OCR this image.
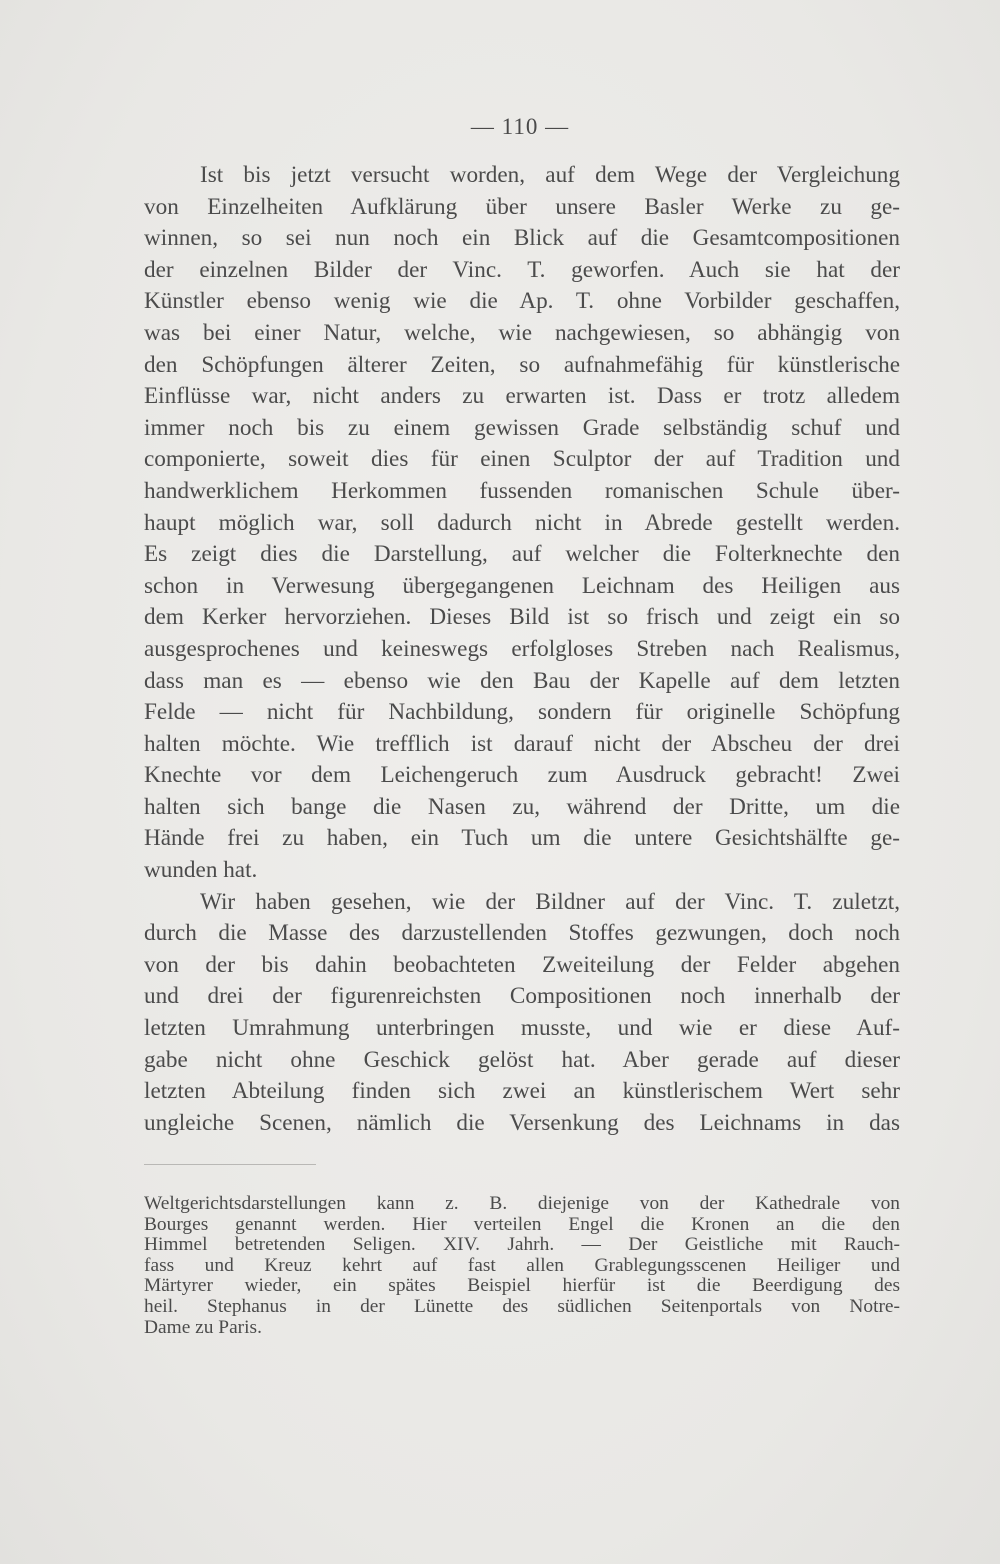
— 110 —
Ist bis jetzt versucht worden, auf dem Wege der Vergleichung
von Einzelheiten Aufklärung über unsere Basler Werke zu ge-
winnen, so sei nun noch ein Blick auf die Gesamtcompositionen
der einzelnen Bilder der Vinc. T. geworfen. Auch sie hat der
Künstler ebenso wenig wie die Ap. T. ohne Vorbilder geschaffen,
was bei einer Natur, welche, wie nachgewiesen, so abhängig von
den Schöpfungen älterer Zeiten, so aufnahmefähig für künstlerische
Einflüsse war, nicht anders zu erwarten ist. Dass er trotz alledem
immer noch bis zu einem gewissen Grade selbständig schuf und
componierte, soweit dies für einen Sculptor der auf Tradition und
handwerklichem Herkommen fussenden romanischen Schule über-
haupt möglich war, soll dadurch nicht in Abrede gestellt werden.
Es zeigt dies die Darstellung, auf welcher die Folterknechte den
schon in Verwesung übergegangenen Leichnam des Heiligen aus
dem Kerker hervorziehen. Dieses Bild ist so frisch und zeigt ein so
ausgesprochenes und keineswegs erfolgloses Streben nach Realismus,
dass man es — ebenso wie den Bau der Kapelle auf dem letzten
Felde — nicht für Nachbildung, sondern für originelle Schöpfung
halten möchte. Wie trefflich ist darauf nicht der Abscheu der drei
Knechte vor dem Leichengeruch zum Ausdruck gebracht! Zwei
halten sich bange die Nasen zu, während der Dritte, um die
Hände frei zu haben, ein Tuch um die untere Gesichtshälfte ge-
wunden hat.
Wir haben gesehen, wie der Bildner auf der Vinc. T. zuletzt,
durch die Masse des darzustellenden Stoffes gezwungen, doch noch
von der bis dahin beobachteten Zweiteilung der Felder abgehen
und drei der figurenreichsten Compositionen noch innerhalb der
letzten Umrahmung unterbringen musste, und wie er diese Auf-
gabe nicht ohne Geschick gelöst hat. Aber gerade auf dieser
letzten Abteilung finden sich zwei an künstlerischem Wert sehr
ungleiche Scenen, nämlich die Versenkung des Leichnams in das
Weltgerichtsdarstellungen kann z. B. diejenige von der Kathedrale von
Bourges genannt werden. Hier verteilen Engel die Kronen an die den
Himmel betretenden Seligen. XIV. Jahrh. — Der Geistliche mit Rauch-
fass und Kreuz kehrt auf fast allen Grablegungsscenen Heiliger und
Märtyrer wieder, ein spätes Beispiel hierfür ist die Beerdigung des
heil. Stephanus in der Lünette des südlichen Seitenportals von Notre-
Dame zu Paris.
